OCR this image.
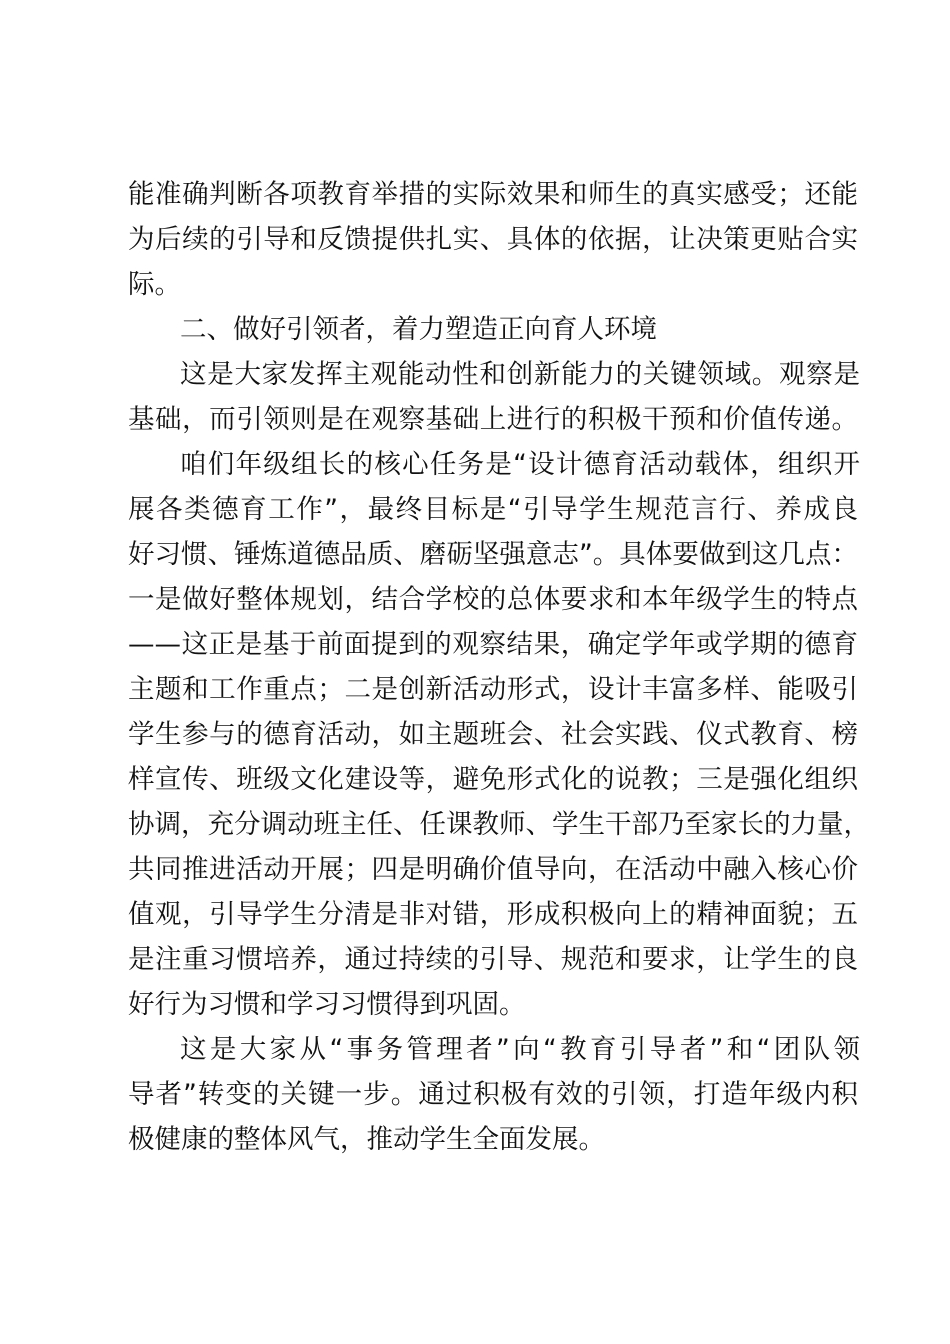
能准确判断各项教育举措的实际效果和师生的真实感受；还能
为后续的引导和反馈提供扎实、具体的依据，让决策更贴合实
际。
二、做好引领者，着力塑造正向育人环境
这是大家发挥主观能动性和创新能力的关键领域。观察是
基础，而引领则是在观察基础上进行的积极干预和价值传递。
咱们年级组长的核心任务是“设计德育活动载体，组织开
展各类德育工作”，最终目标是“引导学生规范言行、养成良
好习惯、锤炼道德品质、磨砺坚强意志”。具体要做到这几点：
一是做好整体规划，结合学校的总体要求和本年级学生的特点
——这正是基于前面提到的观察结果，确定学年或学期的德育
主题和工作重点；二是创新活动形式，设计丰富多样、能吸引
学生参与的德育活动，如主题班会、社会实践、仪式教育、榜
样宣传、班级文化建设等，避免形式化的说教；三是强化组织
协调，充分调动班主任、任课教师、学生干部乃至家长的力量，
共同推进活动开展；四是明确价值导向，在活动中融入核心价
值观，引导学生分清是非对错，形成积极向上的精神面貌；五
是注重习惯培养，通过持续的引导、规范和要求，让学生的良
好行为习惯和学习习惯得到巩固。
这是大家从“事务管理者”向“教育引导者”和“团队领
导者”转变的关键一步。通过积极有效的引领，打造年级内积
极健康的整体风气，推动学生全面发展。
